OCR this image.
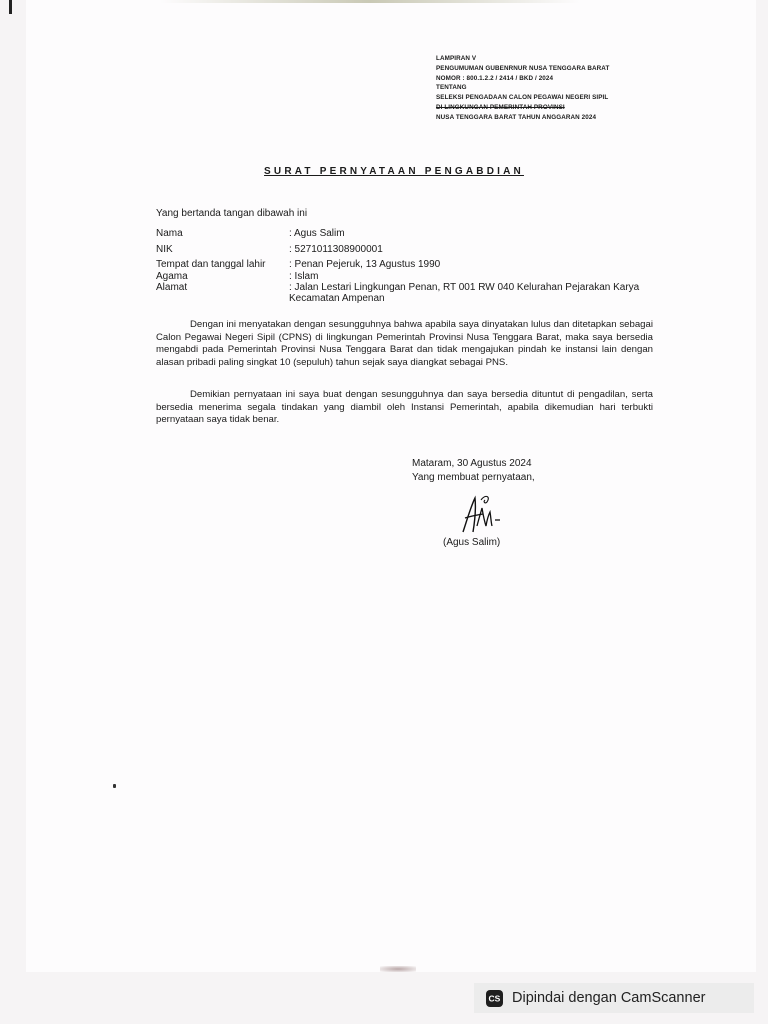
LAMPIRAN V
PENGUMUMAN GUBENRNUR NUSA TENGGARA BARAT
NOMOR : 800.1.2.2 / 2414 / BKD / 2024
TENTANG
SELEKSI PENGADAAN CALON PEGAWAI NEGERI SIPIL
DI LINGKUNGAN PEMERINTAH PROVINSI
NUSA TENGGARA BARAT TAHUN ANGGARAN 2024
SURAT PERNYATAAN PENGABDIAN
Yang bertanda tangan dibawah ini
Nama	: Agus Salim
NIK	: 5271011308900001
Tempat dan tanggal lahir : Penan Pejeruk, 13 Agustus 1990
Agama	: Islam
Alamat	: Jalan Lestari Lingkungan Penan, RT 001 RW 040 Kelurahan Pejarakan Karya Kecamatan Ampenan

Dengan ini menyatakan dengan sesungguhnya bahwa apabila saya dinyatakan lulus dan ditetapkan sebagai Calon Pegawai Negeri Sipil (CPNS) di lingkungan Pemerintah Provinsi Nusa Tenggara Barat, maka saya bersedia mengabdi pada Pemerintah Provinsi Nusa Tenggara Barat dan tidak mengajukan pindah ke instansi lain dengan alasan pribadi paling singkat 10 (sepuluh) tahun sejak saya diangkat sebagai PNS.

Demikian pernyataan ini saya buat dengan sesungguhnya dan saya bersedia dituntut di pengadilan, serta bersedia menerima segala tindakan yang diambil oleh Instansi Pemerintah, apabila dikemudian hari terbukti pernyataan saya tidak benar.

Mataram, 30 Agustus 2024
Yang membuat pernyataan,
(Agus Salim)
CS Dipindai dengan CamScanner
